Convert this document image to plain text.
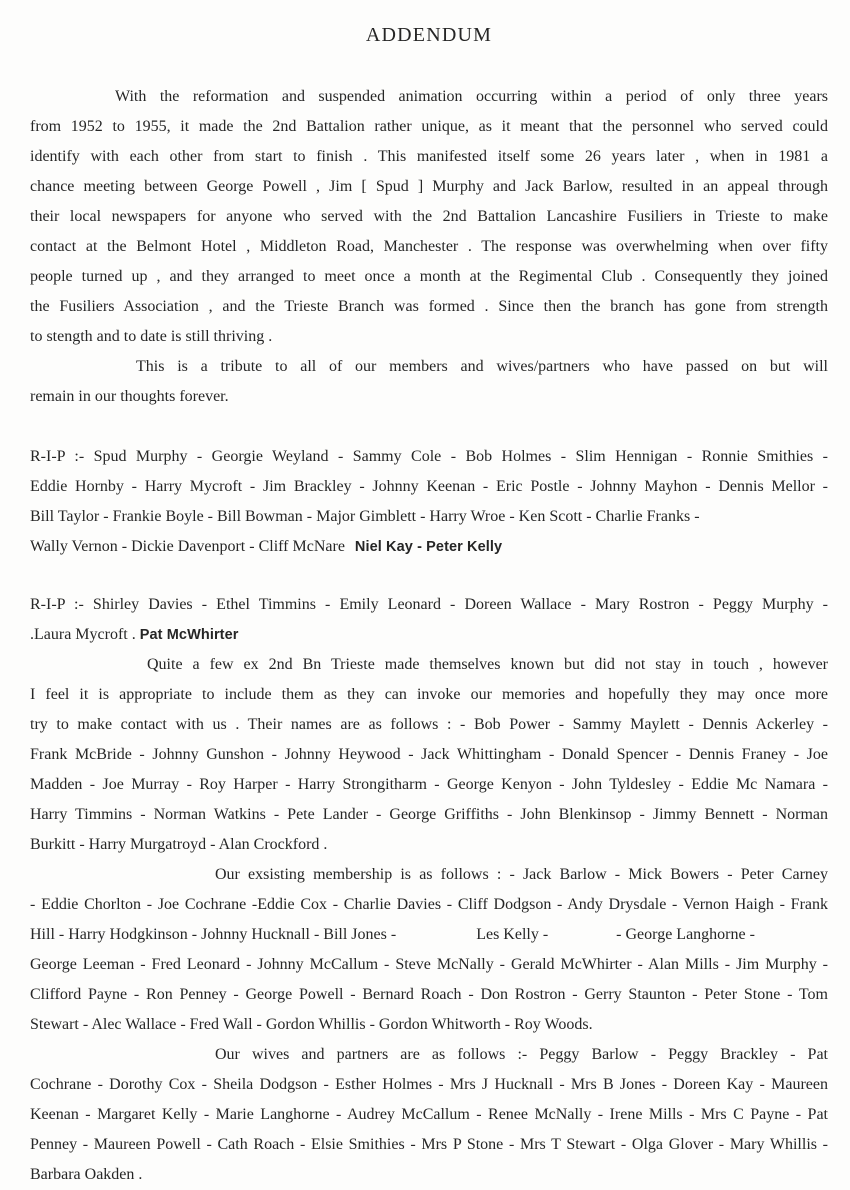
ADDENDUM
With the reformation and suspended animation occurring within a period of only three years
from 1952 to 1955, it made the 2nd Battalion rather unique, as it meant that the personnel who served could
identify with each other from start to finish . This manifested itself some 26 years later , when in 1981 a
chance meeting between George Powell , Jim [ Spud ] Murphy and Jack Barlow, resulted in an appeal through
their local newspapers for anyone who served with the 2nd Battalion Lancashire Fusiliers in Trieste to make
contact at the Belmont Hotel , Middleton Road, Manchester . The response was overwhelming when over fifty
people turned up , and they arranged to meet once a month at the Regimental Club . Consequently they joined
the Fusiliers Association , and the Trieste Branch was formed . Since then the branch has gone from strength
to stength and to date is still thriving .
This is a tribute to all of our members and wives/partners who have passed on but will
remain in our thoughts forever.
R-I-P :- Spud Murphy - Georgie Weyland - Sammy Cole - Bob Holmes - Slim Hennigan - Ronnie Smithies -
Eddie Hornby - Harry Mycroft - Jim Brackley - Johnny Keenan - Eric Postle - Johnny Mayhon - Dennis Mellor -
Bill Taylor - Frankie Boyle - Bill Bowman - Major Gimblett - Harry Wroe - Ken Scott - Charlie Franks -
Wally Vernon - Dickie Davenport - Cliff McNare Niel Kay - Peter Kelly
R-I-P :- Shirley Davies - Ethel Timmins - Emily Leonard - Doreen Wallace - Mary Rostron - Peggy Murphy -
.Laura Mycroft . Pat McWhirter
Quite a few ex 2nd Bn Trieste made themselves known but did not stay in touch , however
I feel it is appropriate to include them as they can invoke our memories and hopefully they may once more
try to make contact with us . Their names are as follows : - Bob Power - Sammy Maylett - Dennis Ackerley -
Frank McBride - Johnny Gunshon - Johnny Heywood - Jack Whittingham - Donald Spencer - Dennis Franey - Joe
Madden - Joe Murray - Roy Harper - Harry Strongitharm - George Kenyon - John Tyldesley - Eddie Mc Namara -
Harry Timmins - Norman Watkins - Pete Lander - George Griffiths - John Blenkinsop - Jimmy Bennett - Norman
Burkitt - Harry Murgatroyd - Alan Crockford .
Our exsisting membership is as follows : - Jack Barlow - Mick Bowers - Peter Carney
- Eddie Chorlton - Joe Cochrane -Eddie Cox - Charlie Davies - Cliff Dodgson - Andy Drysdale - Vernon Haigh - Frank
Hill - Harry Hodgkinson - Johnny Hucknall - Bill Jones -	Les Kelly -	- George Langhorne -
George Leeman - Fred Leonard - Johnny McCallum - Steve McNally - Gerald McWhirter - Alan Mills - Jim Murphy -
Clifford Payne - Ron Penney - George Powell - Bernard Roach - Don Rostron - Gerry Staunton - Peter Stone - Tom
Stewart - Alec Wallace - Fred Wall - Gordon Whillis - Gordon Whitworth - Roy Woods.
Our wives and partners are as follows :- Peggy Barlow - Peggy Brackley - Pat
Cochrane - Dorothy Cox - Sheila Dodgson - Esther Holmes - Mrs J Hucknall - Mrs B Jones - Doreen Kay - Maureen
Keenan - Margaret Kelly - Marie Langhorne - Audrey McCallum - Renee McNally - Irene Mills - Mrs C Payne - Pat
Penney - Maureen Powell - Cath Roach - Elsie Smithies - Mrs P Stone - Mrs T Stewart - Olga Glover - Mary Whillis -
Barbara Oakden .
